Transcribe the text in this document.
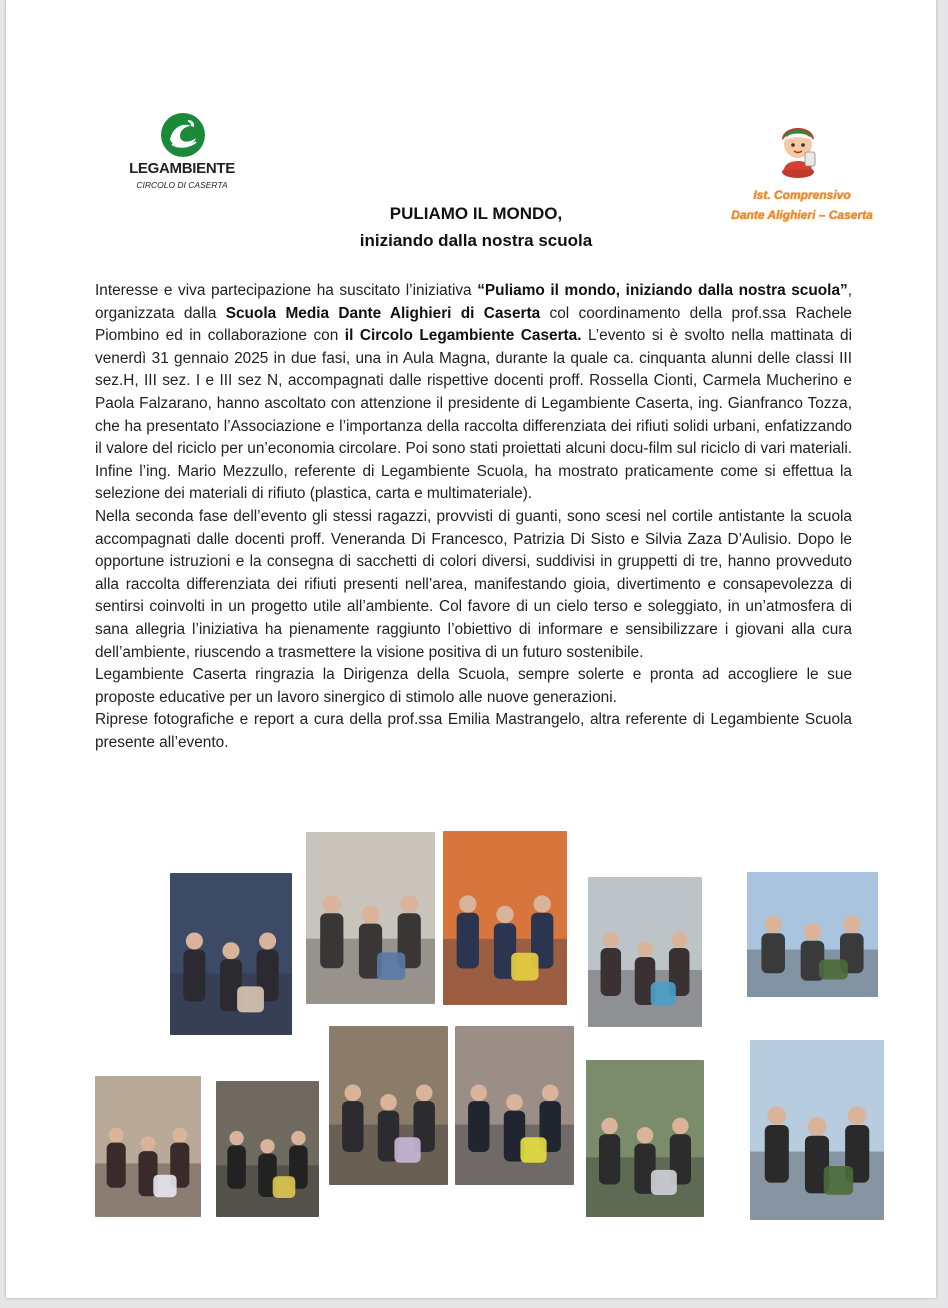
LEGAMBIENTE
CIRCOLO DI CASERTA
Ist. Comprensivo
Dante Alighieri – Caserta
PULIAMO IL MONDO,
iniziando dalla nostra scuola

Interesse e viva partecipazione ha suscitato l’iniziativa “Puliamo il mondo, iniziando dalla nostra scuola”, organizzata dalla Scuola Media Dante Alighieri di Caserta col coordinamento della prof.ssa Rachele Piombino ed in collaborazione con il Circolo Legambiente Caserta. L’evento si è svolto nella mattinata di venerdì 31 gennaio 2025 in due fasi, una in Aula Magna, durante la quale ca. cinquanta alunni delle classi III sez.H, III sez. I e III sez N, accompagnati dalle rispettive docenti proff. Rossella Cionti, Carmela Mucherino e Paola Falzarano, hanno ascoltato con attenzione il presidente di Legambiente Caserta, ing. Gianfranco Tozza, che ha presentato l’Associazione e l’importanza della raccolta differenziata dei rifiuti solidi urbani, enfatizzando il valore del riciclo per un’economia circolare. Poi sono stati proiettati alcuni docu-film sul riciclo di vari materiali. Infine l’ing. Mario Mezzullo, referente di Legambiente Scuola, ha mostrato praticamente come si effettua la selezione dei materiali di rifiuto (plastica, carta e multimateriale).

Nella seconda fase dell’evento gli stessi ragazzi, provvisti di guanti, sono scesi nel cortile antistante la scuola accompagnati dalle docenti proff. Veneranda Di Francesco, Patrizia Di Sisto e Silvia Zaza D’Aulisio. Dopo le opportune istruzioni e la consegna di sacchetti di colori diversi, suddivisi in gruppetti di tre, hanno provveduto alla raccolta differenziata dei rifiuti presenti nell’area, manifestando gioia, divertimento e consapevolezza di sentirsi coinvolti in un progetto utile all’ambiente. Col favore di un cielo terso e soleggiato, in un’atmosfera di sana allegria l’iniziativa ha pienamente raggiunto l’obiettivo di informare e sensibilizzare i giovani alla cura dell’ambiente, riuscendo a trasmettere la visione positiva di un futuro sostenibile.

Legambiente Caserta ringrazia la Dirigenza della Scuola, sempre solerte e pronta ad accogliere le sue proposte educative per un lavoro sinergico di stimolo alle nuove generazioni.

Riprese fotografiche e report a cura della prof.ssa Emilia Mastrangelo, altra referente di Legambiente Scuola presente all’evento.
